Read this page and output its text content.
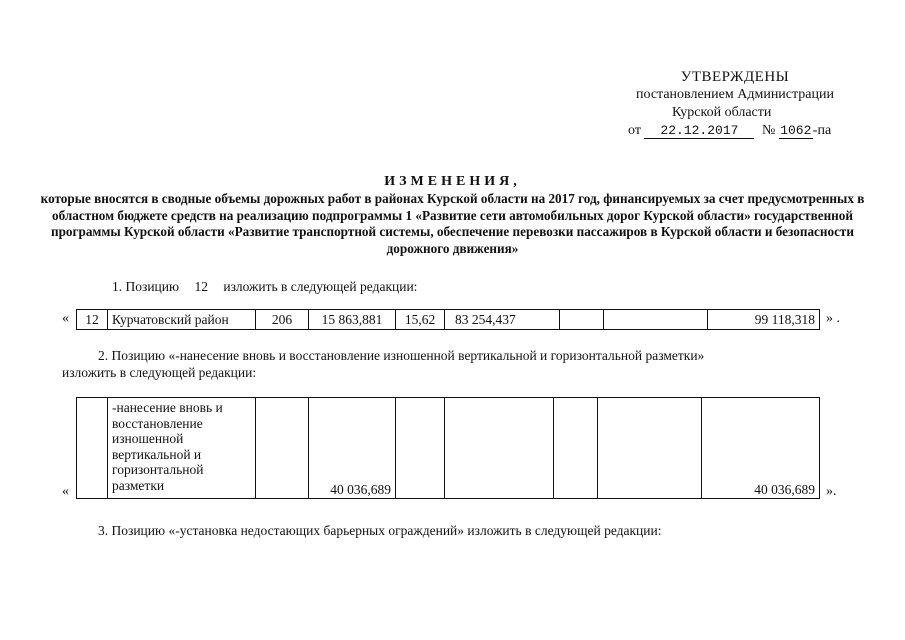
УТВЕРЖДЕНЫ
постановлением Администрации
Курской области
от 22.12.2017 № 1062-па
ИЗМЕНЕНИЯ,
которые вносятся в сводные объемы дорожных работ в районах Курской области на 2017 год, финансируемых за счет предусмотренных в областном бюджете средств на реализацию подпрограммы 1 «Развитие сети автомобильных дорог Курской области» государственной программы Курской области «Развитие транспортной системы, обеспечение перевозки пассажиров в Курской области и безопасности дорожного движения»
1. Позицию 12 изложить в следующей редакции:
« 12	Курчатовский район	206	15 863,881	15,62	83 254,437			99 118,318 » .
2. Позицию «-нанесение вновь и восстановление изношенной вертикальной и горизонтальной разметки»
изложить в следующей редакции:
«
	-нанесение вновь и восстановление изношенной вертикальной и горизонтальной разметки		40 036,689					40 036,689 ».
3. Позицию «-установка недостающих барьерных ограждений» изложить в следующей редакции:
